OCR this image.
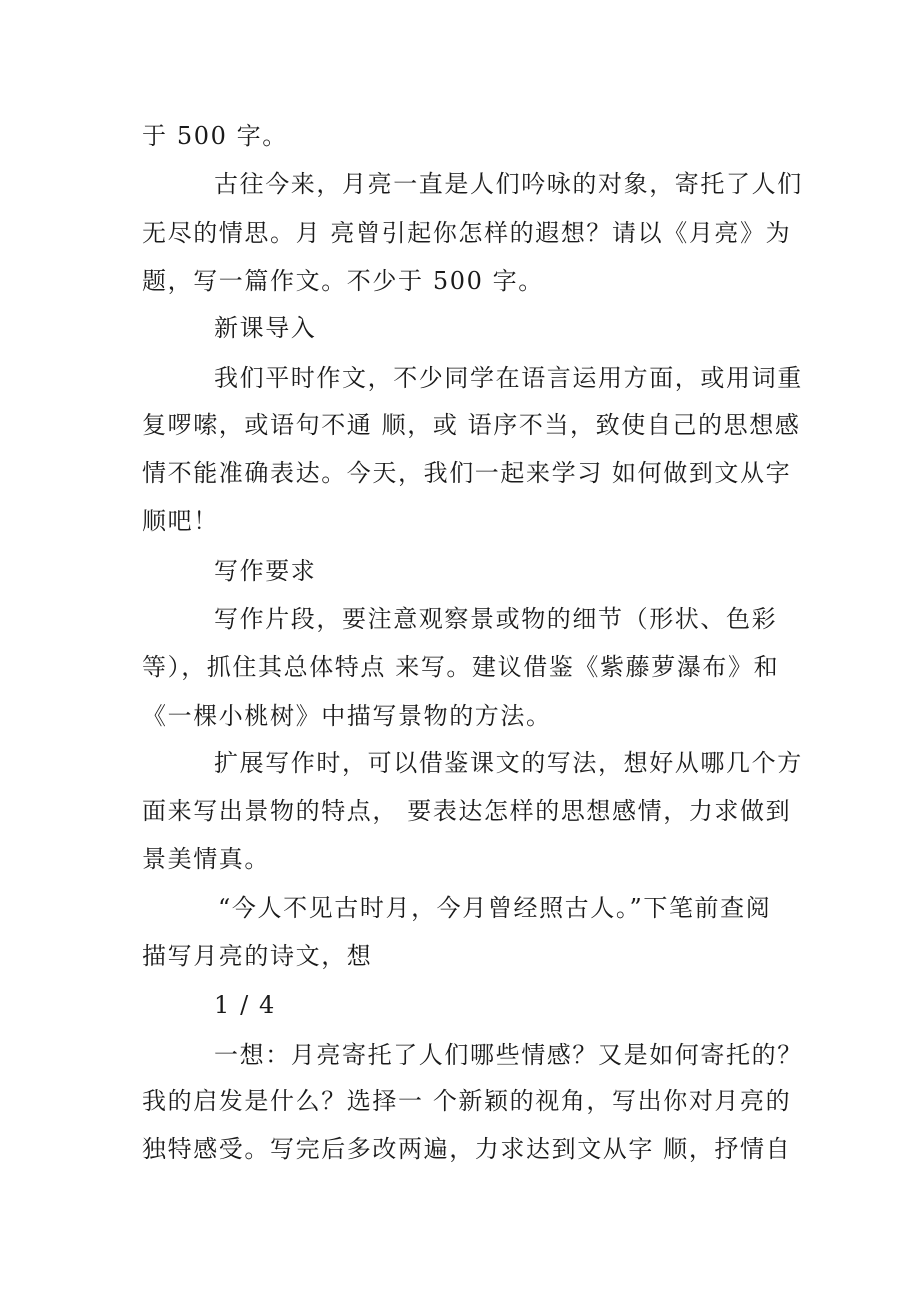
于 500 字。
古往今来，月亮一直是人们吟咏的对象，寄托了人们
无尽的情思。月 亮曾引起你怎样的遐想？请以《月亮》为
题，写一篇作文。不少于 500 字。
新课导入
我们平时作文，不少同学在语言运用方面，或用词重
复啰嗦，或语句不通 顺，或 语序不当，致使自己的思想感
情不能准确表达。今天，我们一起来学习 如何做到文从字
顺吧！
写作要求
写作片段，要注意观察景或物的细节（形状、色彩
等），抓住其总体特点 来写。建议借鉴《紫藤萝瀑布》和
《一棵小桃树》中描写景物的方法。
扩展写作时，可以借鉴课文的写法，想好从哪几个方
面来写出景物的特点， 要表达怎样的思想感情，力求做到
景美情真。
“今人不见古时月，今月曾经照古人。”下笔前查阅
描写月亮的诗文，想
1 / 4
一想：月亮寄托了人们哪些情感？又是如何寄托的？
我的启发是什么？选择一 个新颖的视角，写出你对月亮的
独特感受。写完后多改两遍，力求达到文从字 顺，抒情自
